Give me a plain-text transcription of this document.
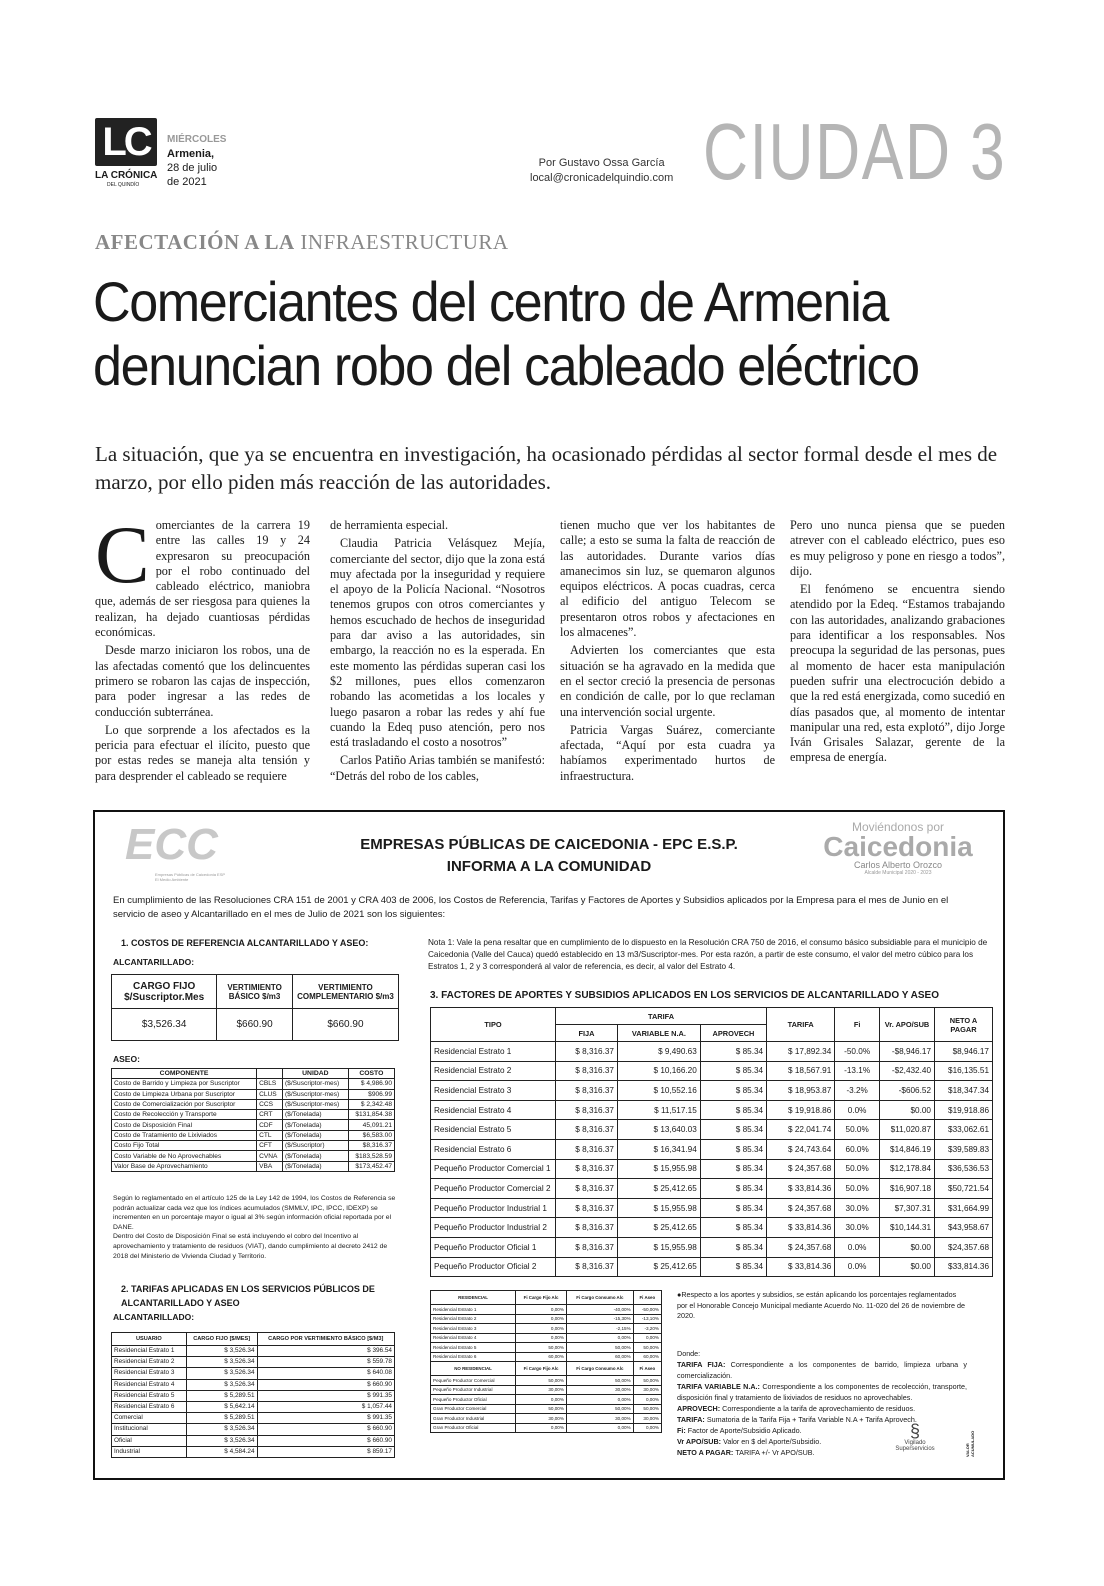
LC
LA CRÓNICA
DEL QUINDÍO
MIÉRCOLES
Armenia,
28 de julio
de 2021
Por Gustavo Ossa García
local@cronicadelquindio.com CIUDAD 3
AFECTACIÓN A LA INFRAESTRUCTURA
Comerciantes del centro de Armenia
denuncian robo del cableado eléctrico
La situación, que ya se encuentra en investigación, ha ocasionado pérdidas al sector formal desde el mes de marzo, por ello piden más reacción de las autoridades.

Comerciantes de la carrera 19 entre las calles 19 y 24 expresaron su preocupación por el robo continuado del cableado eléctrico, maniobra que, además de ser riesgosa para quienes la realizan, ha dejado cuantiosas pérdidas económicas.

Desde marzo iniciaron los robos, una de las afectadas comentó que los delincuentes primero se robaron las cajas de inspección, para poder ingresar a las redes de conducción subterránea.

Lo que sorprende a los afectados es la pericia para efectuar el ilícito, puesto que por estas redes se maneja alta tensión y para desprender el cableado se requiere

de herramienta especial.

Claudia Patricia Velásquez Mejía, comerciante del sector, dijo que la zona está muy afectada por la inseguridad y requiere el apoyo de la Policía Nacional. “Nosotros tenemos grupos con otros comerciantes y hemos escuchado de hechos de inseguridad para dar aviso a las autoridades, sin embargo, la reacción no es la esperada. En este momento las pérdidas superan casi los $2 millones, pues ellos comenzaron robando las acometidas a los locales y luego pasaron a robar las redes y ahí fue cuando la Edeq puso atención, pero nos está trasladando el costo a nosotros”

Carlos Patiño Arias también se manifestó: “Detrás del robo de los cables,

tienen mucho que ver los habitantes de calle; a esto se suma la falta de reacción de las autoridades. Durante varios días amanecimos sin luz, se quemaron algunos equipos eléctricos. A pocas cuadras, cerca al edificio del antiguo Telecom se presentaron otros robos y afectaciones en los almacenes”.

Advierten los comerciantes que esta situación se ha agravado en la medida que en el sector creció la presencia de personas en condición de calle, por lo que reclaman una intervención social urgente.

Patricia Vargas Suárez, comerciante afectada, “Aquí por esta cuadra ya habíamos experimentado hurtos de infraestructura.

Pero uno nunca piensa que se pueden atrever con el cableado eléctrico, pues eso es muy peligroso y pone en riesgo a todos”, dijo.

El fenómeno se encuentra siendo atendido por la Edeq. “Estamos trabajando con las autoridades, analizando grabaciones para identificar a los responsables. Nos preocupa la seguridad de las personas, pues al momento de hacer esta manipulación pueden sufrir una electrocución debido a que la red está energizada, como sucedió en días pasados que, al momento de intentar manipular una red, esta explotó”, dijo Jorge Iván Grisales Salazar, gerente de la empresa de energía.

ECC
Empresas Públicas de Caicedonia ESP El Medio Ambiente
EMPRESAS PÚBLICAS DE CAICEDONIA - EPC E.S.P.
INFORMA A LA COMUNIDAD
Moviéndonos por
Caicedonia
Carlos Alberto Orozco
Alcalde Municipal 2020 - 2023
En cumplimiento de las Resoluciones CRA 151 de 2001 y CRA 403 de 2006, los Costos de Referencia, Tarifas y Factores de Aportes y Subsidios aplicados por la Empresa para el mes de Junio en el servicio de aseo y Alcantarillado en el mes de Julio de 2021 son los siguientes:
1. COSTOS DE REFERENCIA ALCANTARILLADO Y ASEO:
ALCANTARILLADO:
CARGO FIJO $/Suscriptor.Mes	VERTIMIENTO BÁSICO $/m3	VERTIMIENTO COMPLEMENTARIO $/m3
$3,526.34	$660.90	$660.90
ASEO:
COMPONENTE		UNIDAD	COSTO
Costo de Barrido y Limpieza por Suscriptor	CBLS	($/Suscriptor-mes)	$ 4,986.90
Costo de Limpieza Urbana por Suscriptor	CLUS	($/Suscriptor-mes)	$906.99
Costo de Comercialización por Suscriptor	CCS	($/Suscriptor-mes)	$ 2,342.48
Costo de Recolección y Transporte	CRT	($/Tonelada)	$131,854.38
Costo de Disposición Final	CDF	($/Tonelada)	45,091.21
Costo de Tratamiento de Lixiviados	CTL	($/Tonelada)	$6,583.00
Costo Fijo Total	CFT	($/Suscriptor)	$8,316.37
Costo Variable de No Aprovechables	CVNA	($/Tonelada)	$183,528.59
Valor Base de Aprovechamiento	VBA	($/Tonelada)	$173,452.47
Según lo reglamentado en el artículo 125 de la Ley 142 de 1994, los Costos de Referencia se podrán actualizar cada vez que los índices acumulados (SMMLV, IPC, IPCC, IDEXP) se incrementen en un porcentaje mayor o igual al 3% según información oficial reportada por el DANE.
Dentro del Costo de Disposición Final se está incluyendo el cobro del Incentivo al aprovechamiento y tratamiento de residuos (VIAT), dando cumplimiento al decreto 2412 de 2018 del Ministerio de Vivienda Ciudad y Territorio.
2. TARIFAS APLICADAS EN LOS SERVICIOS PÚBLICOS DE
ALCANTARILLADO Y ASEO
ALCANTARILLADO:
USUARIO	CARGO FIJO [$/MES]	CARGO POR VERTIMIENTO BÁSICO [$/M3]
Residencial Estrato 1	$ 3,526.34	$ 396.54
Residencial Estrato 2	$ 3,526.34	$ 559.78
Residencial Estrato 3	$ 3,526.34	$ 640.08
Residencial Estrato 4	$ 3,526.34	$ 660.90
Residencial Estrato 5	$ 5,289.51	$ 991.35
Residencial Estrato 6	$ 5,642.14	$ 1,057.44
Comercial	$ 5,289.51	$ 991.35
Institucional	$ 3,526.34	$ 660.90
Oficial	$ 3,526.34	$ 660.90
Industrial	$ 4,584.24	$ 859.17
Nota 1: Vale la pena resaltar que en cumplimiento de lo dispuesto en la Resolución CRA 750 de 2016, el consumo básico subsidiable para el municipio de Caicedonia (Valle del Cauca) quedó establecido en 13 m3/Suscriptor-mes. Por esta razón, a partir de este consumo, el valor del metro cúbico para los Estratos 1, 2 y 3 corresponderá al valor de referencia, es decir, al valor del Estrato 4.
3. FACTORES DE APORTES Y SUBSIDIOS APLICADOS EN LOS SERVICIOS DE ALCANTARILLADO Y ASEO
TIPO	TARIFA			TARIFA	Fi	Vr. APO/SUB	NETO A PAGAR
	FIJA	VARIABLE N.A.	APROVECH				
Residencial Estrato 1	$ 8,316.37	$ 9,490.63	$ 85.34	$ 17,892.34	-50.0%	-$8,946.17	$8,946.17
Residencial Estrato 2	$ 8,316.37	$ 10,166.20	$ 85.34	$ 18,567.91	-13.1%	-$2,432.40	$16,135.51
Residencial Estrato 3	$ 8,316.37	$ 10,552.16	$ 85.34	$ 18,953.87	-3.2%	-$606.52	$18,347.34
Residencial Estrato 4	$ 8,316.37	$ 11,517.15	$ 85.34	$ 19,918.86	0.0%	$0.00	$19,918.86
Residencial Estrato 5	$ 8,316.37	$ 13,640.03	$ 85.34	$ 22,041.74	50.0%	$11,020.87	$33,062.61
Residencial Estrato 6	$ 8,316.37	$ 16,341.94	$ 85.34	$ 24,743.64	60.0%	$14,846.19	$39,589.83
Pequeño Productor Comercial 1	$ 8,316.37	$ 15,955.98	$ 85.34	$ 24,357.68	50.0%	$12,178.84	$36,536.53
Pequeño Productor Comercial 2	$ 8,316.37	$ 25,412.65	$ 85.34	$ 33,814.36	50.0%	$16,907.18	$50,721.54
Pequeño Productor Industrial 1	$ 8,316.37	$ 15,955.98	$ 85.34	$ 24,357.68	30.0%	$7,307.31	$31,664.99
Pequeño Productor Industrial 2	$ 8,316.37	$ 25,412.65	$ 85.34	$ 33,814.36	30.0%	$10,144.31	$43,958.67
Pequeño Productor Oficial 1	$ 8,316.37	$ 15,955.98	$ 85.34	$ 24,357.68	0.0%	$0.00	$24,357.68
Pequeño Productor Oficial 2	$ 8,316.37	$ 25,412.65	$ 85.34	$ 33,814.36	0.0%	$0.00	$33,814.36
RESIDENCIAL	Fi Cargo Fijo Alc	Fi Cargo Consumo Alc	Fi Aseo
Residencial Estrato 1	0,00%	-40,00%	-50,00%
Residencial Estrato 2	0,00%	-15,30%	-13,10%
Residencial Estrato 3	0,00%	-2,15%	-3,20%
Residencial Estrato 4	0,00%	0,00%	0,00%
Residencial Estrato 5	50,00%	50,00%	50,00%
Residencial Estrato 6	60,00%	60,00%	60,00%
NO RESIDENCIAL	Fi Cargo Fijo Alc	Fi Cargo Consumo Alc	Fi Aseo
Pequeño Productor Comercial	50,00%	50,00%	50,00%
Pequeño Productor Industrial	30,00%	30,00%	30,00%
Pequeño Productor Oficial	0,00%	0,00%	0,00%
Gran Productor Comercial	50,00%	50,00%	50,00%
Gran Productor Industrial	30,00%	30,00%	30,00%
Gran Productor Oficial	0,00%	0,00%	0,00%
●Respecto a los aportes y subsidios, se están aplicando los porcentajes reglamentados por el Honorable Concejo Municipal mediante Acuerdo No. 11-020 del 26 de noviembre de 2020.
Donde:
TARIFA FIJA: Correspondiente a los componentes de barrido, limpieza urbana y comercialización.
TARIFA VARIABLE N.A.: Correspondiente a los componentes de recolección, transporte, disposición final y tratamiento de lixiviados de residuos no aprovechables.
APROVECH: Correspondiente a la tarifa de aprovechamiento de residuos.
TARIFA: Sumatoria de la Tarifa Fija + Tarifa Variable N.A + Tarifa Aprovech.
Fi: Factor de Aporte/Subsidio Aplicado.
Vr APO/SUB: Valor en $ del Aporte/Subsidio.
NETO A PAGAR: TARIFA +/- Vr APO/SUB.
§
Vigilado Superservicios	VALOR ACUMULADO
